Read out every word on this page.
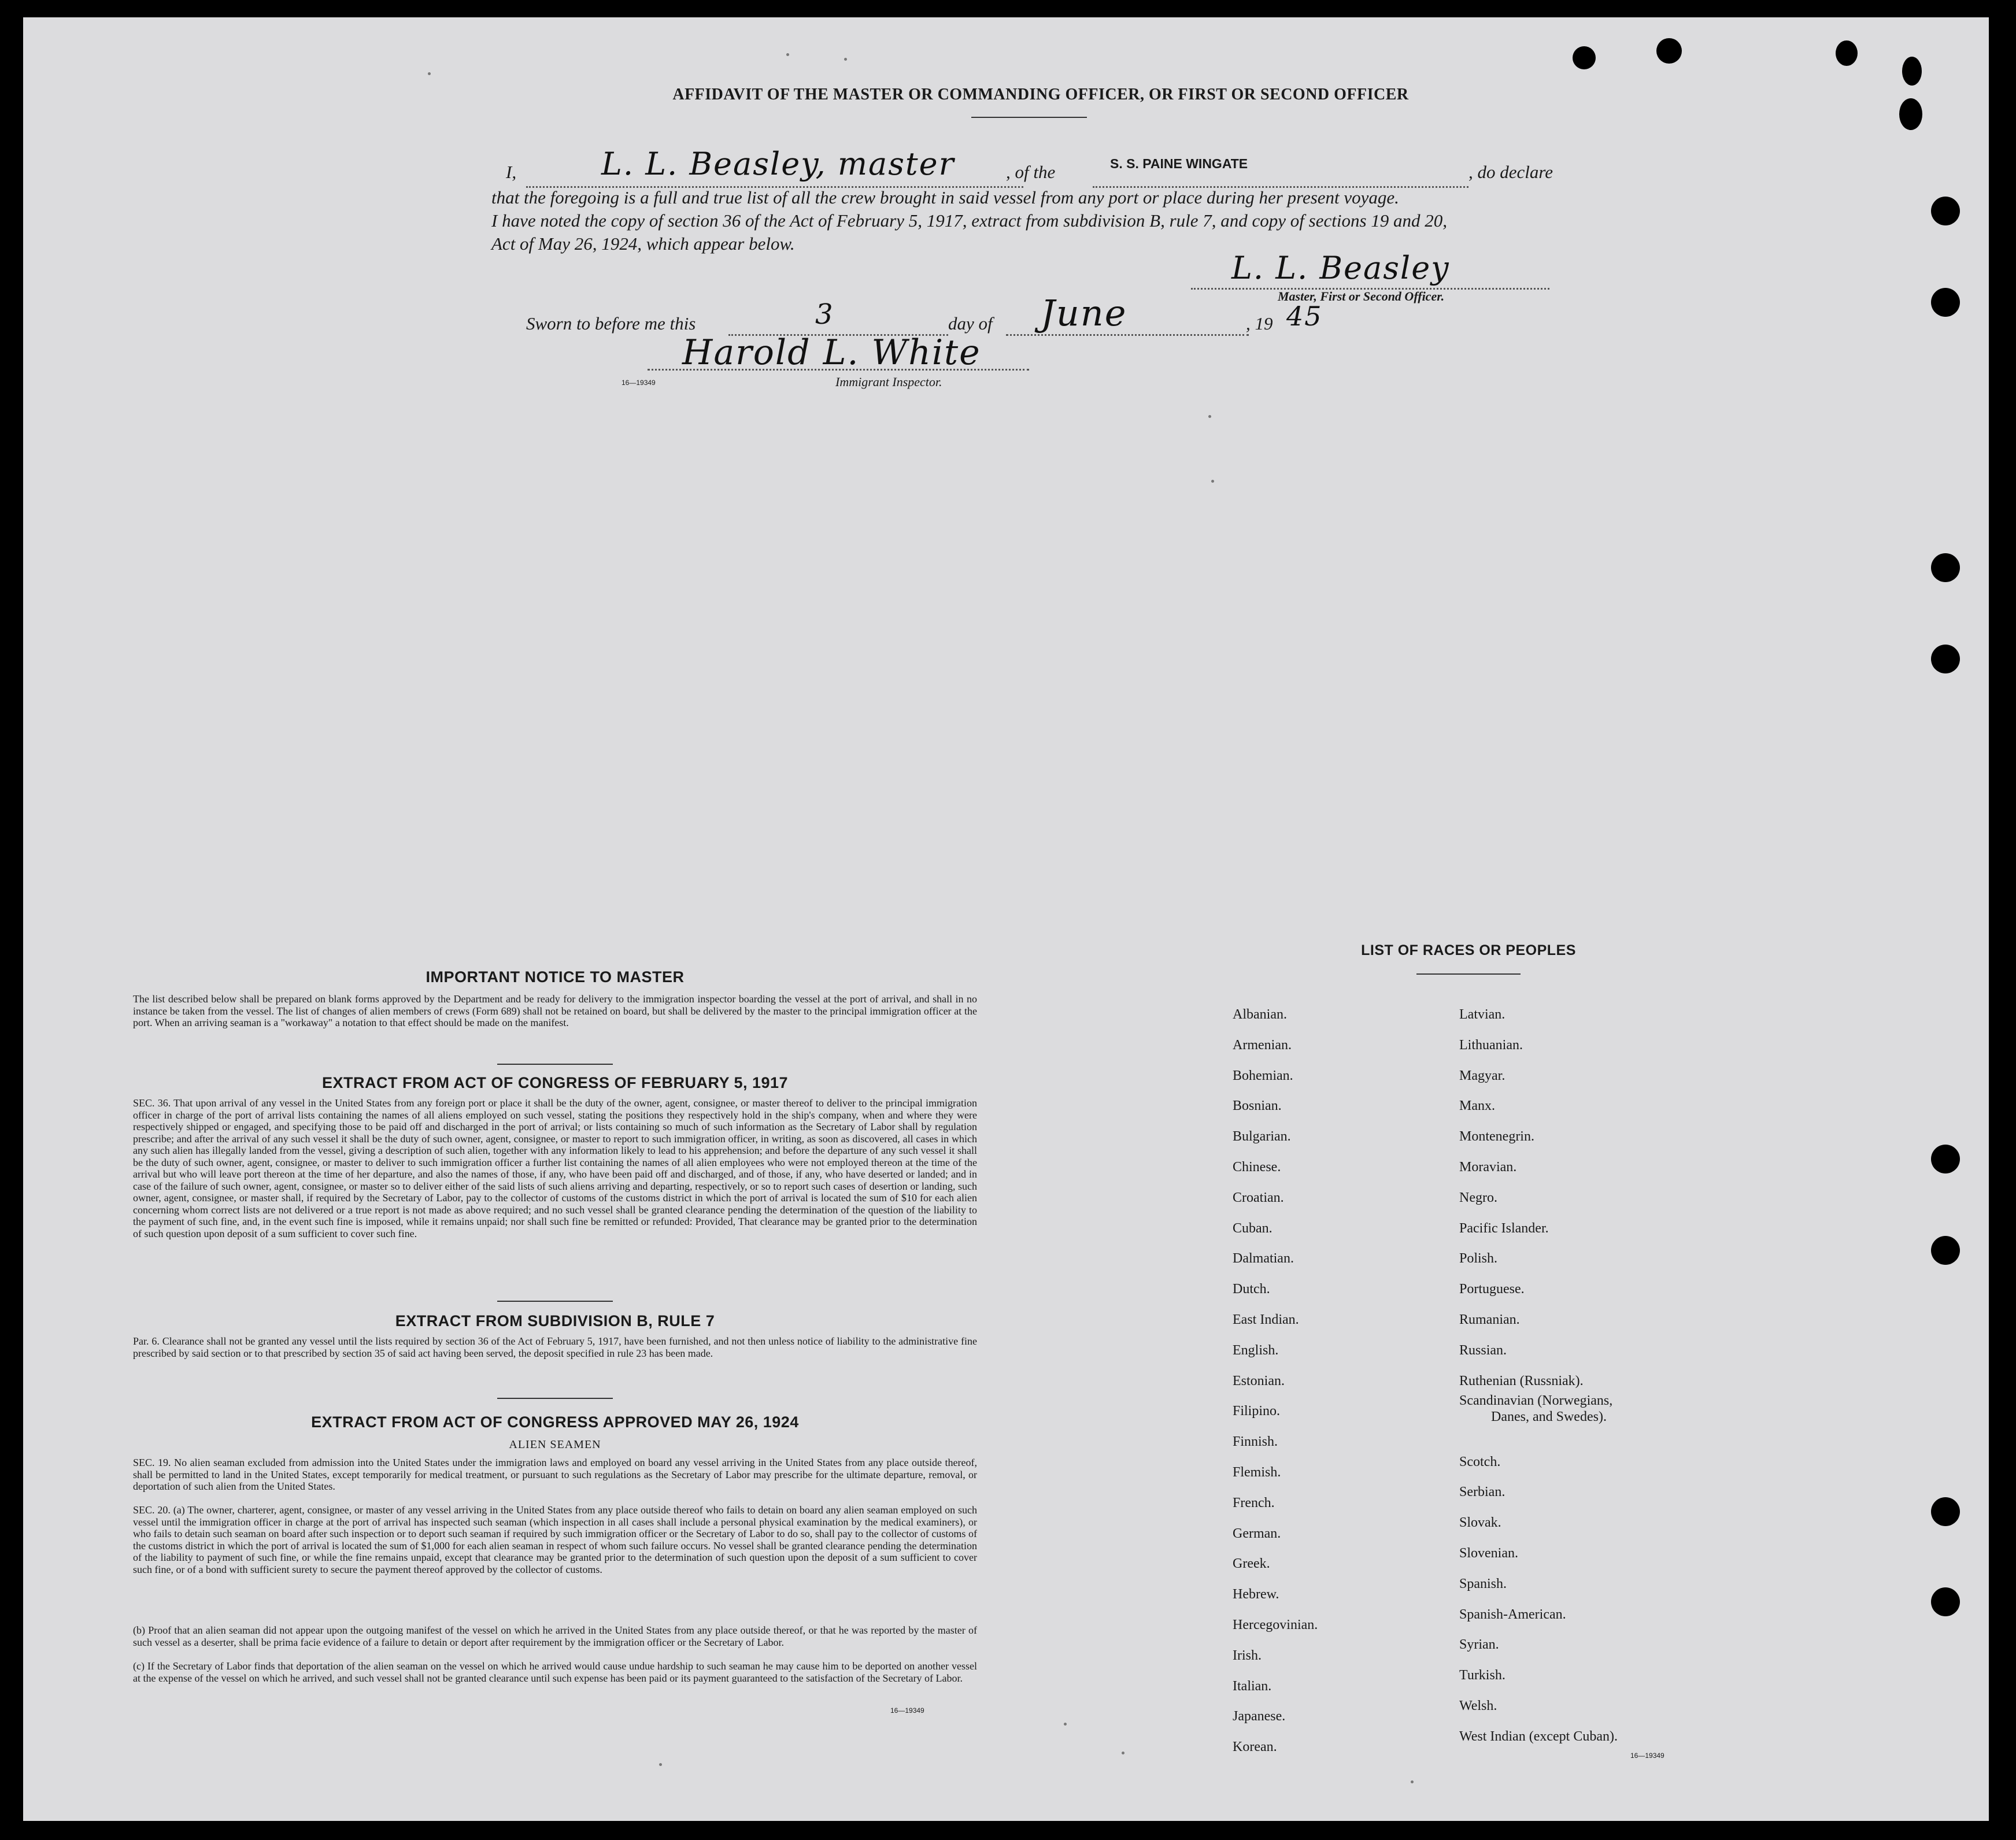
AFFIDAVIT OF THE MASTER OR COMMANDING OFFICER, OR FIRST OR SECOND OFFICER
I,	L. L. Beasley, master	, of the	S. S. PAINE WINGATE	, do declare
that the foregoing is a full and true list of all the crew brought in said vessel from any port or place during her present voyage.
I have noted the copy of section 36 of the Act of February 5, 1917, extract from subdivision B, rule 7, and copy of sections 19 and 20,
Act of May 26, 1924, which appear below.
L. L. Beasley
Master, First or Second Officer.
Sworn to before me this	3	day of June	, 19 45
Harold L. White
16—19349	Immigrant Inspector.
IMPORTANT NOTICE TO MASTER
The list described below shall be prepared on blank forms approved by the Department and be ready for delivery to the immigration inspector boarding the vessel at the port of arrival, and shall in no instance be taken from the vessel. The list of changes of alien members of crews (Form 689) shall not be retained on board, but shall be delivered by the master to the principal immigration officer at the port. When an arriving seaman is a "workaway" a notation to that effect should be made on the manifest.
EXTRACT FROM ACT OF CONGRESS OF FEBRUARY 5, 1917
SEC. 36. That upon arrival of any vessel in the United States from any foreign port or place it shall be the duty of the owner, agent, consignee, or master thereof to deliver to the principal immigration officer in charge of the port of arrival lists containing the names of all aliens employed on such vessel, stating the positions they respectively hold in the ship's company, when and where they were respectively shipped or engaged, and specifying those to be paid off and discharged in the port of arrival; or lists containing so much of such information as the Secretary of Labor shall by regulation prescribe; and after the arrival of any such vessel it shall be the duty of such owner, agent, consignee, or master to report to such immigration officer, in writing, as soon as discovered, all cases in which any such alien has illegally landed from the vessel, giving a description of such alien, together with any information likely to lead to his apprehension; and before the departure of any such vessel it shall be the duty of such owner, agent, consignee, or master to deliver to such immigration officer a further list containing the names of all alien employees who were not employed thereon at the time of the arrival but who will leave port thereon at the time of her departure, and also the names of those, if any, who have been paid off and discharged, and of those, if any, who have deserted or landed; and in case of the failure of such owner, agent, consignee, or master so to deliver either of the said lists of such aliens arriving and departing, respectively, or so to report such cases of desertion or landing, such owner, agent, consignee, or master shall, if required by the Secretary of Labor, pay to the collector of customs of the customs district in which the port of arrival is located the sum of $10 for each alien concerning whom correct lists are not delivered or a true report is not made as above required; and no such vessel shall be granted clearance pending the determination of the question of the liability to the payment of such fine, and, in the event such fine is imposed, while it remains unpaid; nor shall such fine be remitted or refunded: Provided, That clearance may be granted prior to the determination of such question upon deposit of a sum sufficient to cover such fine.
EXTRACT FROM SUBDIVISION B, RULE 7
Par. 6. Clearance shall not be granted any vessel until the lists required by section 36 of the Act of February 5, 1917, have been furnished, and not then unless notice of liability to the administrative fine prescribed by said section or to that prescribed by section 35 of said act having been served, the deposit specified in rule 23 has been made.
EXTRACT FROM ACT OF CONGRESS APPROVED MAY 26, 1924
ALIEN SEAMEN
SEC. 19. No alien seaman excluded from admission into the United States under the immigration laws and employed on board any vessel arriving in the United States from any place outside thereof, shall be permitted to land in the United States, except temporarily for medical treatment, or pursuant to such regulations as the Secretary of Labor may prescribe for the ultimate departure, removal, or deportation of such alien from the United States.
SEC. 20. (a) The owner, charterer, agent, consignee, or master of any vessel arriving in the United States from any place outside thereof who fails to detain on board any alien seaman employed on such vessel until the immigration officer in charge at the port of arrival has inspected such seaman (which inspection in all cases shall include a personal physical examination by the medical examiners), or who fails to detain such seaman on board after such inspection or to deport such seaman if required by such immigration officer or the Secretary of Labor to do so, shall pay to the collector of customs of the customs district in which the port of arrival is located the sum of $1,000 for each alien seaman in respect of whom such failure occurs. No vessel shall be granted clearance pending the determination of the liability to payment of such fine, or while the fine remains unpaid, except that clearance may be granted prior to the determination of such question upon the deposit of a sum sufficient to cover such fine, or of a bond with sufficient surety to secure the payment thereof approved by the collector of customs.
(b) Proof that an alien seaman did not appear upon the outgoing manifest of the vessel on which he arrived in the United States from any place outside thereof, or that he was reported by the master of such vessel as a deserter, shall be prima facie evidence of a failure to detain or deport after requirement by the immigration officer or the Secretary of Labor.
(c) If the Secretary of Labor finds that deportation of the alien seaman on the vessel on which he arrived would cause undue hardship to such seaman he may cause him to be deported on another vessel at the expense of the vessel on which he arrived, and such vessel shall not be granted clearance until such expense has been paid or its payment guaranteed to the satisfaction of the Secretary of Labor.
16—19349
LIST OF RACES OR PEOPLES
Albanian.
Armenian.
Bohemian.
Bosnian.
Bulgarian.
Chinese.
Croatian.
Cuban.
Dalmatian.
Dutch.
East Indian.
English.
Estonian.
Filipino.
Finnish.
Flemish.
French.
German.
Greek.
Hebrew.
Hercegovinian.
Irish.
Italian.
Japanese.
Korean.
Latvian.
Lithuanian.
Magyar.
Manx.
Montenegrin.
Moravian.
Negro.
Pacific Islander.
Polish.
Portuguese.
Rumanian.
Russian.
Ruthenian (Russniak).
Scandinavian (Norwegians,
Danes, and Swedes).
Scotch.
Serbian.
Slovak.
Slovenian.
Spanish.
Spanish-American.
Syrian.
Turkish.
Welsh.
West Indian (except Cuban).
16—19349
